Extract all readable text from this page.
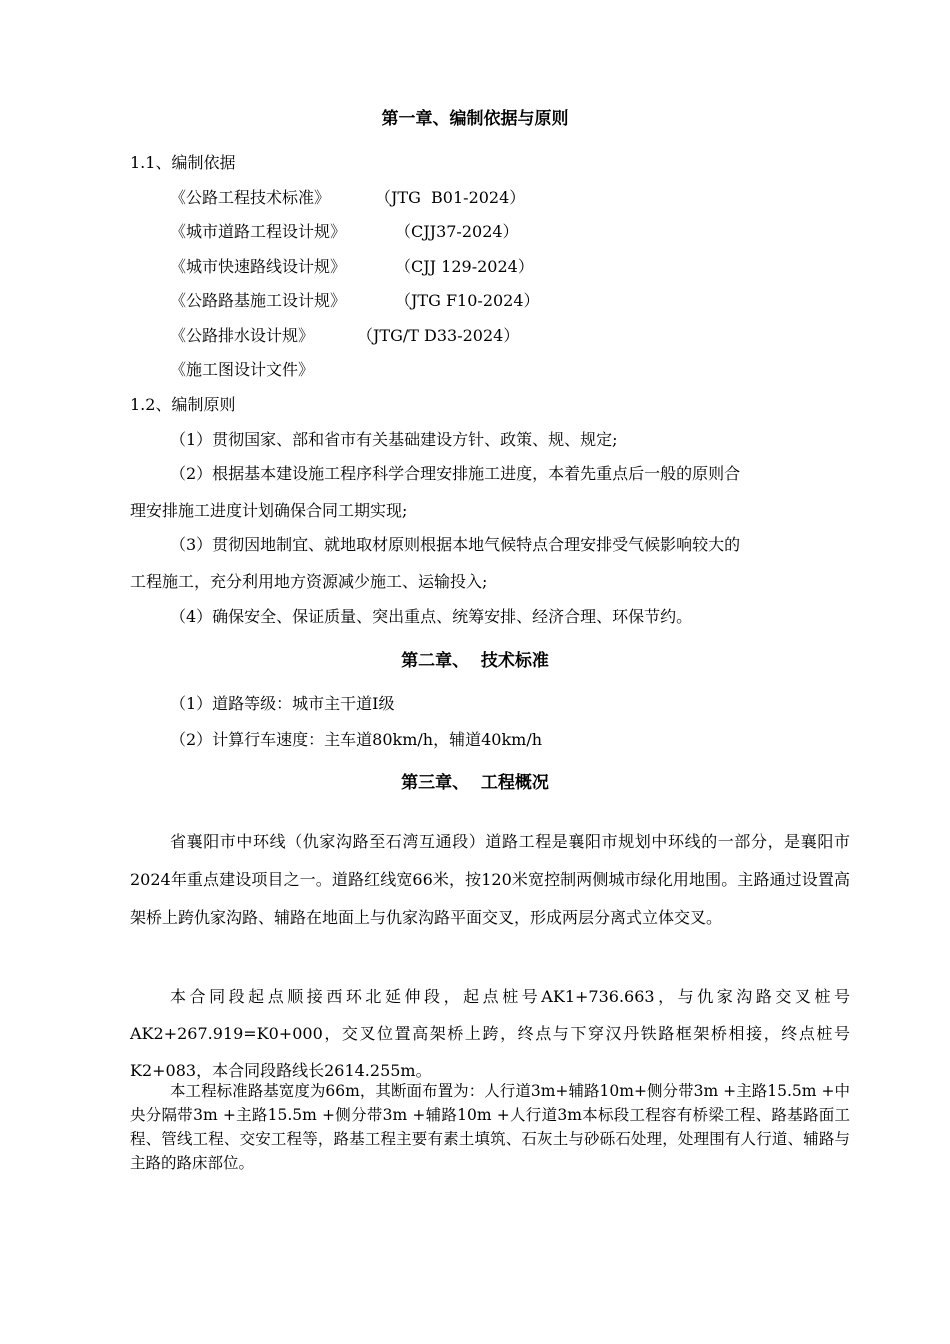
第一章、编制依据与原则
1.1、编制依据
《公路工程技术标准》	（JTG  B01-2024）
《城市道路工程设计规》	（CJJ37-2024）
《城市快速路线设计规》	（CJJ 129-2024）
《公路路基施工设计规》	（JTG F10-2024）
《公路排水设计规》	（JTG/T D33-2024）
《施工图设计文件》
1.2、编制原则
（1）贯彻国家、部和省市有关基础建设方针、政策、规、规定;
（2）根据基本建设施工程序科学合理安排施工进度，本着先重点后一般的原则合
理安排施工进度计划确保合同工期实现;
（3）贯彻因地制宜、就地取材原则根据本地气候特点合理安排受气候影响较大的
工程施工，充分利用地方资源减少施工、运输投入;
（4）确保安全、保证质量、突出重点、统筹安排、经济合理、环保节约。
第二章、  技术标准
（1）道路等级：城市主干道Ⅰ级
（2）计算行车速度：主车道80km/h，辅道40km/h
第三章、  工程概况

省襄阳市中环线（仇家沟路至石湾互通段）道路工程是襄阳市规划中环线的一部分，是襄阳市2024年重点建设项目之一。道路红线宽66米，按120米宽控制两侧城市绿化用地围。主路通过设置高架桥上跨仇家沟路、辅路在地面上与仇家沟路平面交叉，形成两层分离式立体交叉。

本合同段起点顺接西环北延伸段，起点桩号AK1+736.663，与仇家沟路交叉桩号AK2+267.919=K0+000，交叉位置高架桥上跨，终点与下穿汉丹铁路框架桥相接，终点桩号K2+083，本合同段路线长2614.255m。

本工程标准路基宽度为66m，其断面布置为：人行道3m+辅路10m+侧分带3m +主路15.5m +中央分隔带3m +主路15.5m +侧分带3m +辅路10m +人行道3m本标段工程容有桥梁工程、路基路面工程、管线工程、交安工程等，路基工程主要有素土填筑、石灰土与砂砾石处理，处理围有人行道、辅路与主路的路床部位。
